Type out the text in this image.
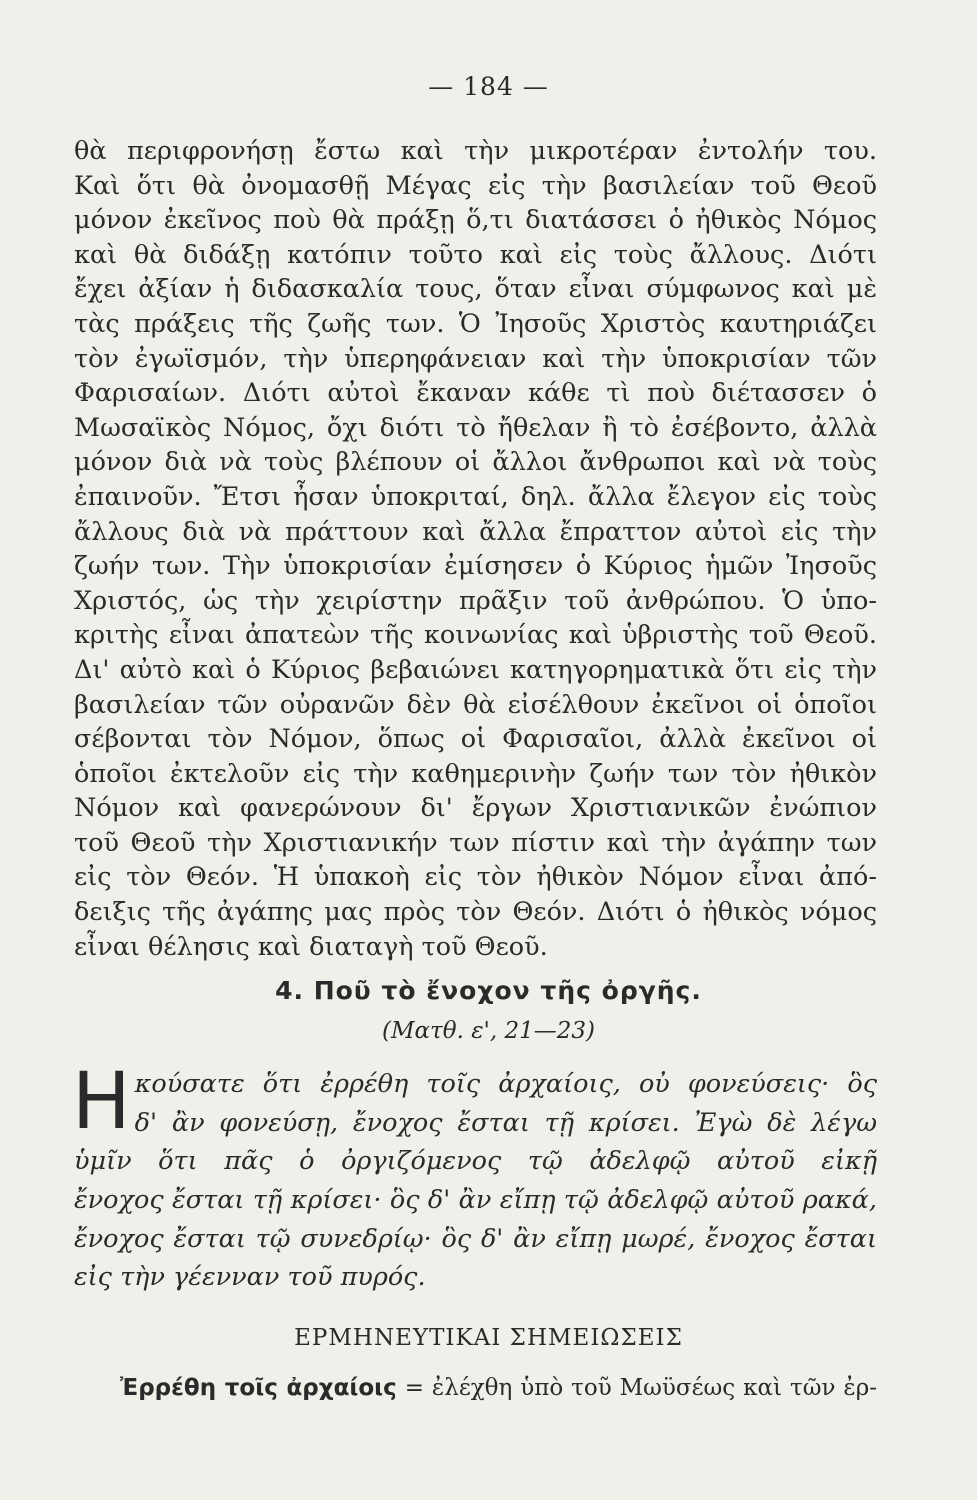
— 184 —
θὰ περιφρονήσῃ ἔστω καὶ τὴν μικροτέραν ἐντολήν του.
Καὶ ὅτι θὰ ὀνομασθῇ Μέγας εἰς τὴν βασιλείαν τοῦ Θεοῦ
μόνον ἐκεῖνος ποὺ θὰ πράξῃ ὅ,τι διατάσσει ὁ ἠθικὸς Νόμος
καὶ θὰ διδάξῃ κατόπιν τοῦτο καὶ εἰς τοὺς ἄλλους. Διότι
ἔχει ἀξίαν ἡ διδασκαλία τους, ὅταν εἶναι σύμφωνος καὶ μὲ
τὰς πράξεις τῆς ζωῆς των. Ὁ Ἰησοῦς Χριστὸς καυτηριάζει
τὸν ἐγωϊσμόν, τὴν ὑπερηφάνειαν καὶ τὴν ὑποκρισίαν τῶν
Φαρισαίων. Διότι αὐτοὶ ἔκαναν κάθε τὶ ποὺ διέτασσεν ὁ
Μωσαϊκὸς Νόμος, ὄχι διότι τὸ ἤθελαν ἢ τὸ ἐσέβοντο, ἀλλὰ
μόνον διὰ νὰ τοὺς βλέπουν οἱ ἄλλοι ἄνθρωποι καὶ νὰ τοὺς
ἐπαινοῦν. Ἔτσι ἦσαν ὑποκριταί, δηλ. ἄλλα ἔλεγον εἰς τοὺς
ἄλλους διὰ νὰ πράττουν καὶ ἄλλα ἔπραττον αὐτοὶ εἰς τὴν
ζωήν των. Τὴν ὑποκρισίαν ἐμίσησεν ὁ Κύριος ἡμῶν Ἰησοῦς
Χριστός, ὡς τὴν χειρίστην πρᾶξιν τοῦ ἀνθρώπου. Ὁ ὑπο-
κριτὴς εἶναι ἀπατεὼν τῆς κοινωνίας καὶ ὑβριστὴς τοῦ Θεοῦ.
Δι' αὐτὸ καὶ ὁ Κύριος βεβαιώνει κατηγορηματικὰ ὅτι εἰς τὴν
βασιλείαν τῶν οὐρανῶν δὲν θὰ εἰσέλθουν ἐκεῖνοι οἱ ὁποῖοι
σέβονται τὸν Νόμον, ὅπως οἱ Φαρισαῖοι, ἀλλὰ ἐκεῖνοι οἱ
ὁποῖοι ἐκτελοῦν εἰς τὴν καθημερινὴν ζωήν των τὸν ἠθικὸν
Νόμον καὶ φανερώνουν δι' ἔργων Χριστιανικῶν ἐνώπιον
τοῦ Θεοῦ τὴν Χριστιανικήν των πίστιν καὶ τὴν ἀγάπην των
εἰς τὸν Θεόν. Ἡ ὑπακοὴ εἰς τὸν ἠθικὸν Νόμον εἶναι ἀπό-
δειξις τῆς ἀγάπης μας πρὸς τὸν Θεόν. Διότι ὁ ἠθικὸς νόμος
εἶναι θέλησις καὶ διαταγὴ τοῦ Θεοῦ.
4. Ποῦ τὸ ἔνοχον τῆς ὀργῆς.
(Ματθ. ε', 21—23)
Η κούσατε ὅτι ἐρρέθη τοῖς ἀρχαίοις, οὐ φονεύσεις· ὃς
δ' ἂν φονεύσῃ, ἔνοχος ἔσται τῇ κρίσει. Ἐγὼ δὲ λέγω
ὑμῖν ὅτι πᾶς ὁ ὀργιζόμενος τῷ ἀδελφῷ αὐτοῦ εἰκῇ
ἔνοχος ἔσται τῇ κρίσει· ὃς δ' ἂν εἴπῃ τῷ ἀδελφῷ αὐτοῦ ρακά,
ἔνοχος ἔσται τῷ συνεδρίῳ· ὃς δ' ἂν εἴπῃ μωρέ, ἔνοχος ἔσται
εἰς τὴν γέενναν τοῦ πυρός.
ΕΡΜΗΝΕΥΤΙΚΑΙ ΣΗΜΕΙΩΣΕΙΣ
Ἐρρέθη τοῖς ἀρχαίοις = ἐλέχθη ὑπὸ τοῦ Μωϋσέως καὶ τῶν ἐρ-
